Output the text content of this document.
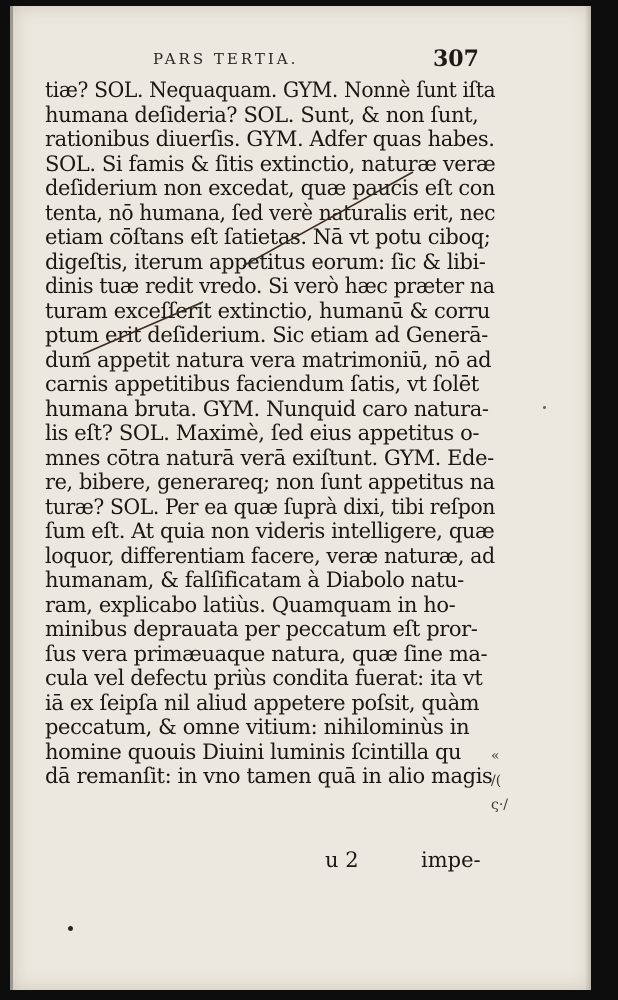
PARS TERTIA.	307
tiæ? SOL. Nequaquam. GYM. Nonnè ſunt iſta
humana deſideria? SOL. Sunt, & non ſunt,
rationibus diuerſis. GYM. Adfer quas habes.
SOL. Si famis & ſitis extinctio, naturæ veræ
deſiderium non excedat, quæ paucis eſt con
tenta, nō humana, ſed verè naturalis erit, nec
etiam cōſtans eſt ſatietas. Nā vt potu ciboq;
digeſtis, iterum appetitus eorum: ſic & libi-
dinis tuæ redit vredo. Si verò hæc præter na
turam exceſſerit extinctio, humanū & corru
ptum erit deſiderium. Sic etiam ad Generā-
dum appetit natura vera matrimoniū, nō ad
carnis appetitibus faciendum ſatis, vt ſolēt
humana bruta. GYM. Nunquid caro natura-
lis eſt? SOL. Maximè, ſed eius appetitus o-
mnes cōtra naturā verā exiſtunt. GYM. Ede-
re, bibere, generareq; non ſunt appetitus na
turæ? SOL. Per ea quæ ſuprà dixi, tibi reſpon
ſum eſt. At quia non videris intelligere, quæ
loquor, differentiam facere, veræ naturæ, ad
humanam, & falſificatam à Diabolo natu-
ram, explicabo latiùs. Quamquam in ho-
minibus deprauata per peccatum eſt pror-
ſus vera primæuaque natura, quæ ſine ma-
cula vel defectu priùs condita fuerat: ita vt
iā ex ſeipſa nil aliud appetere poſsit, quàm
peccatum, & omne vitium: nihilominùs in
homine quouis Diuini luminis ſcintilla qu
dā remanſit: in vno tamen quā in alio magis
«
/(
ς·/
u 2	impe-
